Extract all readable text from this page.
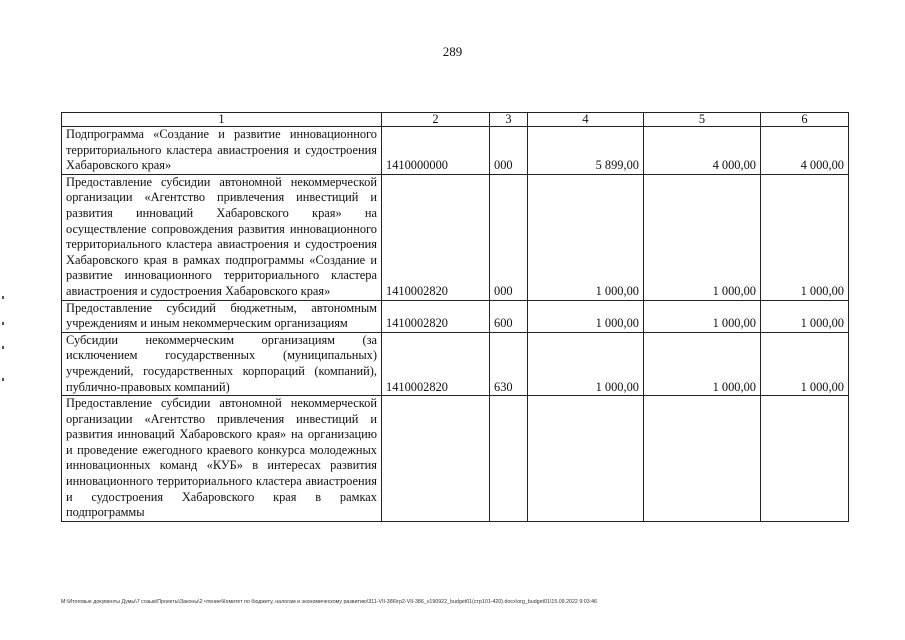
289
1	2	3	4	5	6
Подпрограмма «Создание и развитие инновационного территориального кластера авиастроения и судостроения Хабаровского края»	1410000000	000	5 899,00	4 000,00	4 000,00
Предоставление субсидии автономной некоммерческой организации «Агентство привлечения инвестиций и развития инноваций Хабаровского края» на осуществление сопровождения развития инновационного территориального кластера авиастроения и судостроения Хабаровского края в рамках подпрограммы «Создание и развитие инновационного территориального кластера авиастроения и судостроения Хабаровского края»	1410002820	000	1 000,00	1 000,00	1 000,00
Предоставление субсидий бюджетным, автономным учреждениям и иным некоммерческим организациям	1410002820	600	1 000,00	1 000,00	1 000,00
Субсидии некоммерческим организациям (за исключением государственных (муниципальных) учреждений, государственных корпораций (компаний), публично-правовых компаний)	1410002820	630	1 000,00	1 000,00	1 000,00
Предоставление субсидии автономной некоммерческой организации «Агентство привлечения инвестиций и развития инноваций Хабаровского края» на организацию и проведение ежегодного краевого конкурса молодежных инновационных команд «КУБ» в интересах развития инновационного территориального кластера авиастроения и судостроения Хабаровского края в рамках подпрограммы					
M:\Итоговые документы Думы\7 созыв\Проекты\Законы\2 чтение\Комитет по бюджету, налогам и экономическому развитию\311-VII-386\гр2-VII-386_v190922_budget01(стр101-420).docx\org_budget01\15.09.2022 9:03:46
